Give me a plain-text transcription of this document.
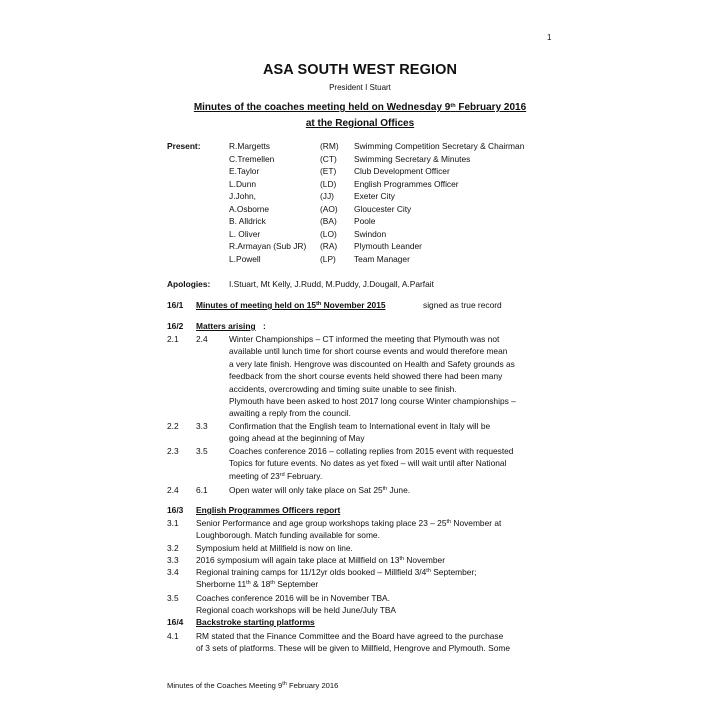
1
ASA SOUTH WEST REGION
President I Stuart
Minutes of the coaches meeting held on Wednesday 9th February 2016
at the Regional Offices
Present:	R.Margetts	(RM) Swimming Competition Secretary & Chairman
C.Tremellen	(CT) Swimming Secretary & Minutes
E.Taylor	(ET) Club Development Officer
L.Dunn	(LD) English Programmes Officer
J.John,	(JJ) Exeter City
A.Osborne	(AO) Gloucester City
B. Alldrick	(BA) Poole
L. Oliver	(LO) Swindon
R.Armayan (Sub JR) (RA) Plymouth Leander
L.Powell	(LP) Team Manager
Apologies: I.Stuart, Mt Kelly, J.Rudd, M.Puddy, J.Dougall, A.Parfait
16/1 Minutes of meeting held on 15th November 2015	signed as true record
16/2 Matters arising :
2.1 2.4	Winter Championships – CT informed the meeting that Plymouth was not
available until lunch time for short course events and would therefore mean
a very late finish. Hengrove was discounted on Health and Safety grounds as
feedback from the short course events held showed there had been many
accidents, overcrowding and timing suite unable to see finish.
Plymouth have been asked to host 2017 long course Winter championships –
awaiting a reply from the council.
2.2 3.3	Confirmation that the English team to International event in Italy will be
going ahead at the beginning of May
2.3 3.5	Coaches conference 2016 – collating replies from 2015 event with requested
Topics for future events. No dates as yet fixed – will wait until after National
meeting of 23rd February.
2.4 6.1	Open water will only take place on Sat 25th June.
16/3 English Programmes Officers report
3.1 Senior Performance and age group workshops taking place 23 – 25th November at
Loughborough. Match funding available for some.
3.2 Symposium held at Millfield is now on line.
3.3 2016 symposium will again take place at Millfield on 13th November
3.4 Regional training camps for 11/12yr olds booked – Millfield 3/4th September;
Sherborne 11th & 18th September
3.5 Coaches conference 2016 will be in November TBA.
Regional coach workshops will be held June/July TBA
16/4 Backstroke starting platforms
4.1 RM stated that the Finance Committee and the Board have agreed to the purchase
of 3 sets of platforms. These will be given to Millfield, Hengrove and Plymouth. Some
Minutes of the Coaches Meeting 9th February 2016
